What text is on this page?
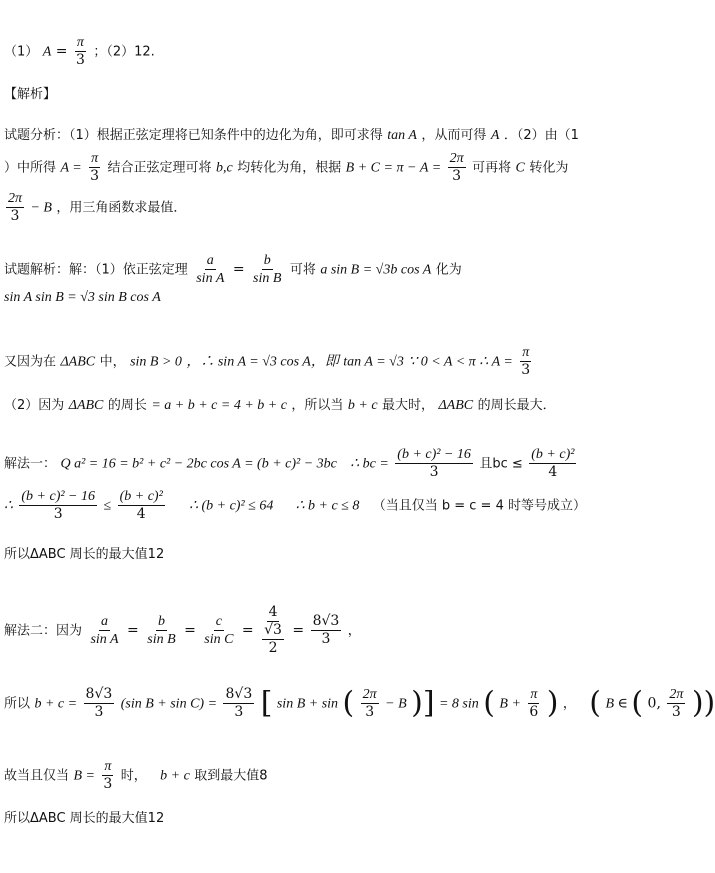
（1） $A = \frac{\pi}{3}$ ；（2）12.
【解析】
试题分析：（1）根据正弦定理将已知条件中的边化为角，即可求得 tan A ，从而可得 A ．（2）由（1
）中所得 $A = \frac{\pi}{3}$ 结合正弦定理可将 b,c 均转化为角，根据 $B + C = \pi - A = \frac{2\pi}{3}$ 可再将 C 转化为
$\frac{2\pi}{3} - B$ ，用三角函数求最值．
试题解析：解：（1）依正弦定理 $\frac{a}{\text{sin A}} = \frac{b}{\text{sin B}}$ 可将 a sin B = √3b cos A 化为
sin A sin B = √3 sin B cos A
又因为在 ΔABC 中， sin B > 0 ，∴ sin A = √3 cos A，即 tan A = √3 ∵ 0 < A < π ∴ $A = \frac{\pi}{3}$
（2）因为 ΔABC 的周长 = a + b + c = 4 + b + c ，所以当 b + c 最大时， ΔABC 的周长最大．
解法一： Q a² = 16 = b² + c² − 2bc cos A = (b + c)² − 3bc ∴ bc = $\frac{\text{(b + c)² − 16}}{3}$ 且bc ≤ $\frac{\text{(b + c)²}}{4}$
∴ $\frac{\text{(b + c)² − 16}}{3} \le \frac{\text{(b + c)²}}{4}$ ∴ (b + c)² ≤ 64 ∴ b + c ≤ 8 （当且仅当 b = c = 4 时等号成立）
所以ΔABC 周长的最大值12
解法二：因为 $\frac{a}{\text{sin A}} = \frac{b}{\text{sin B}} = \frac{c}{\text{sin C}} = \frac{4}{\frac{√3}{2}} = \frac{8√3}{3}$ ，
所以 $b + c = \frac{8√3}{3} (\sin$ $B + \sin C) = \frac{8√3}{3}$ [ sin B + sin ( $\frac{2\pi}{3} - B$ )] = 8 sin ( $B + \frac{\pi}{6}$ ) ， ( B ∈ ( 0, $\frac{2\pi}{3}$ ))
故当且仅当 $B = \frac{\pi}{3}$ 时， b + c 取到最大值8
所以ΔABC 周长的最大值12
